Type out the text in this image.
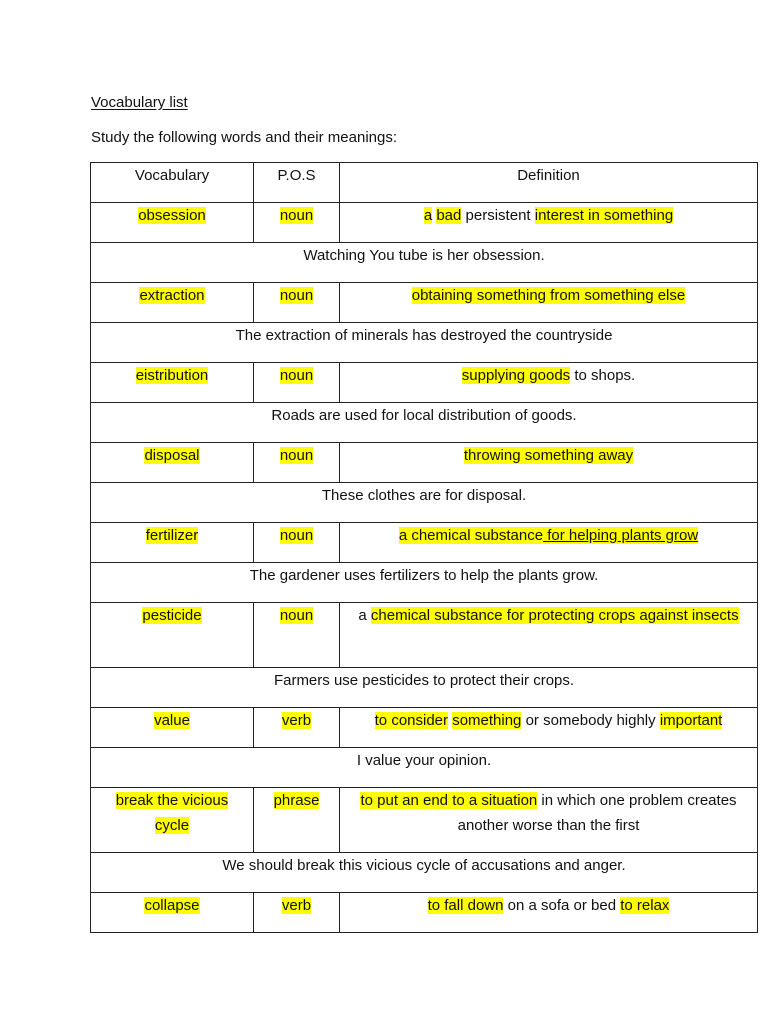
Vocabulary list
Study the following words and their meanings:
Vocabulary	P.O.S	Definition
obsession	noun	a bad persistent interest in something
Watching You tube is her obsession.		
extraction	noun	obtaining something from something else
The extraction of minerals has destroyed the countryside		
eistribution	noun	supplying goods to shops.
Roads are used for local distribution of goods.		
disposal	noun	throwing something away
These clothes are for disposal.		
fertilizer	noun	a chemical substance for helping plants grow
The gardener uses fertilizers to help the plants grow.		
pesticide	noun	a chemical substance for protecting crops against insects
Farmers use pesticides to protect their crops.		
value	verb	to consider something or somebody highly important
I value your opinion.		
break the vicious cycle	phrase	to put an end to a situation in which one problem creates another worse than the first
We should break this vicious cycle of accusations and anger.		
collapse	verb	to fall down on a sofa or bed to relax
